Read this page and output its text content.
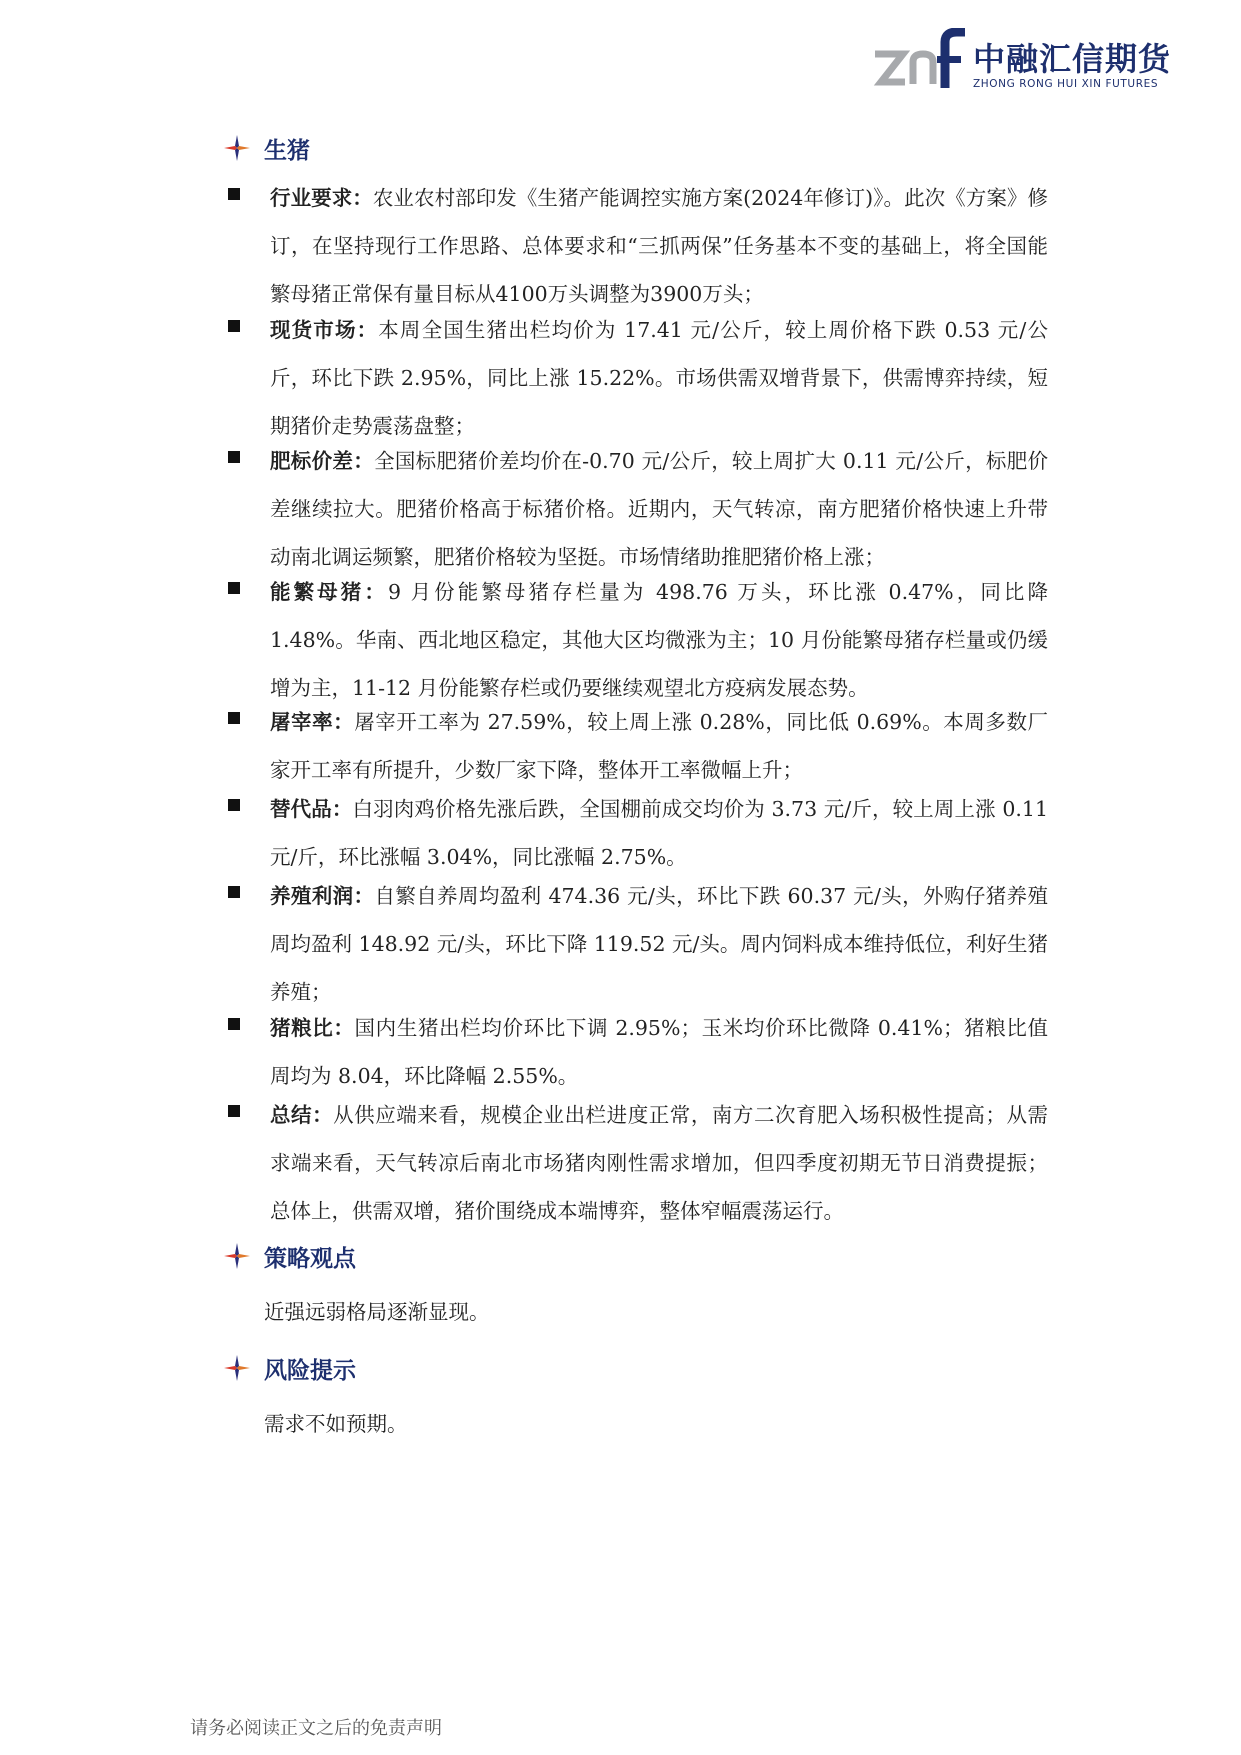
中融汇信期货
ZHONG RONG HUI XIN FUTURES
生猪
行业要求：农业农村部印发《生猪产能调控实施方案(2024年修订)》。此次《方案》修订，在坚持现行工作思路、总体要求和“三抓两保”任务基本不变的基础上，将全国能繁母猪正常保有量目标从4100万头调整为3900万头；
现货市场：本周全国生猪出栏均价为 17.41 元/公斤，较上周价格下跌 0.53 元/公斤，环比下跌 2.95%，同比上涨 15.22%。市场供需双增背景下，供需博弈持续，短期猪价走势震荡盘整；
肥标价差：全国标肥猪价差均价在-0.70 元/公斤，较上周扩大 0.11 元/公斤，标肥价差继续拉大。肥猪价格高于标猪价格。近期内，天气转凉，南方肥猪价格快速上升带动南北调运频繁，肥猪价格较为坚挺。市场情绪助推肥猪价格上涨；
能繁母猪：9 月份能繁母猪存栏量为 498.76 万头，环比涨 0.47%，同比降 1.48%。华南、西北地区稳定，其他大区均微涨为主；10 月份能繁母猪存栏量或仍缓增为主，11-12 月份能繁存栏或仍要继续观望北方疫病发展态势。
屠宰率：屠宰开工率为 27.59%，较上周上涨 0.28%，同比低 0.69%。本周多数厂家开工率有所提升，少数厂家下降，整体开工率微幅上升；
替代品：白羽肉鸡价格先涨后跌，全国棚前成交均价为 3.73 元/斤，较上周上涨 0.11 元/斤，环比涨幅 3.04%，同比涨幅 2.75%。
养殖利润：自繁自养周均盈利 474.36 元/头，环比下跌 60.37 元/头，外购仔猪养殖周均盈利 148.92 元/头，环比下降 119.52 元/头。周内饲料成本维持低位，利好生猪养殖；
猪粮比：国内生猪出栏均价环比下调 2.95%；玉米均价环比微降 0.41%；猪粮比值周均为 8.04，环比降幅 2.55%。
总结：从供应端来看，规模企业出栏进度正常，南方二次育肥入场积极性提高；从需求端来看，天气转凉后南北市场猪肉刚性需求增加，但四季度初期无节日消费提振；总体上，供需双增，猪价围绕成本端博弈，整体窄幅震荡运行。
策略观点
近强远弱格局逐渐显现。
风险提示
需求不如预期。
请务必阅读正文之后的免责声明
